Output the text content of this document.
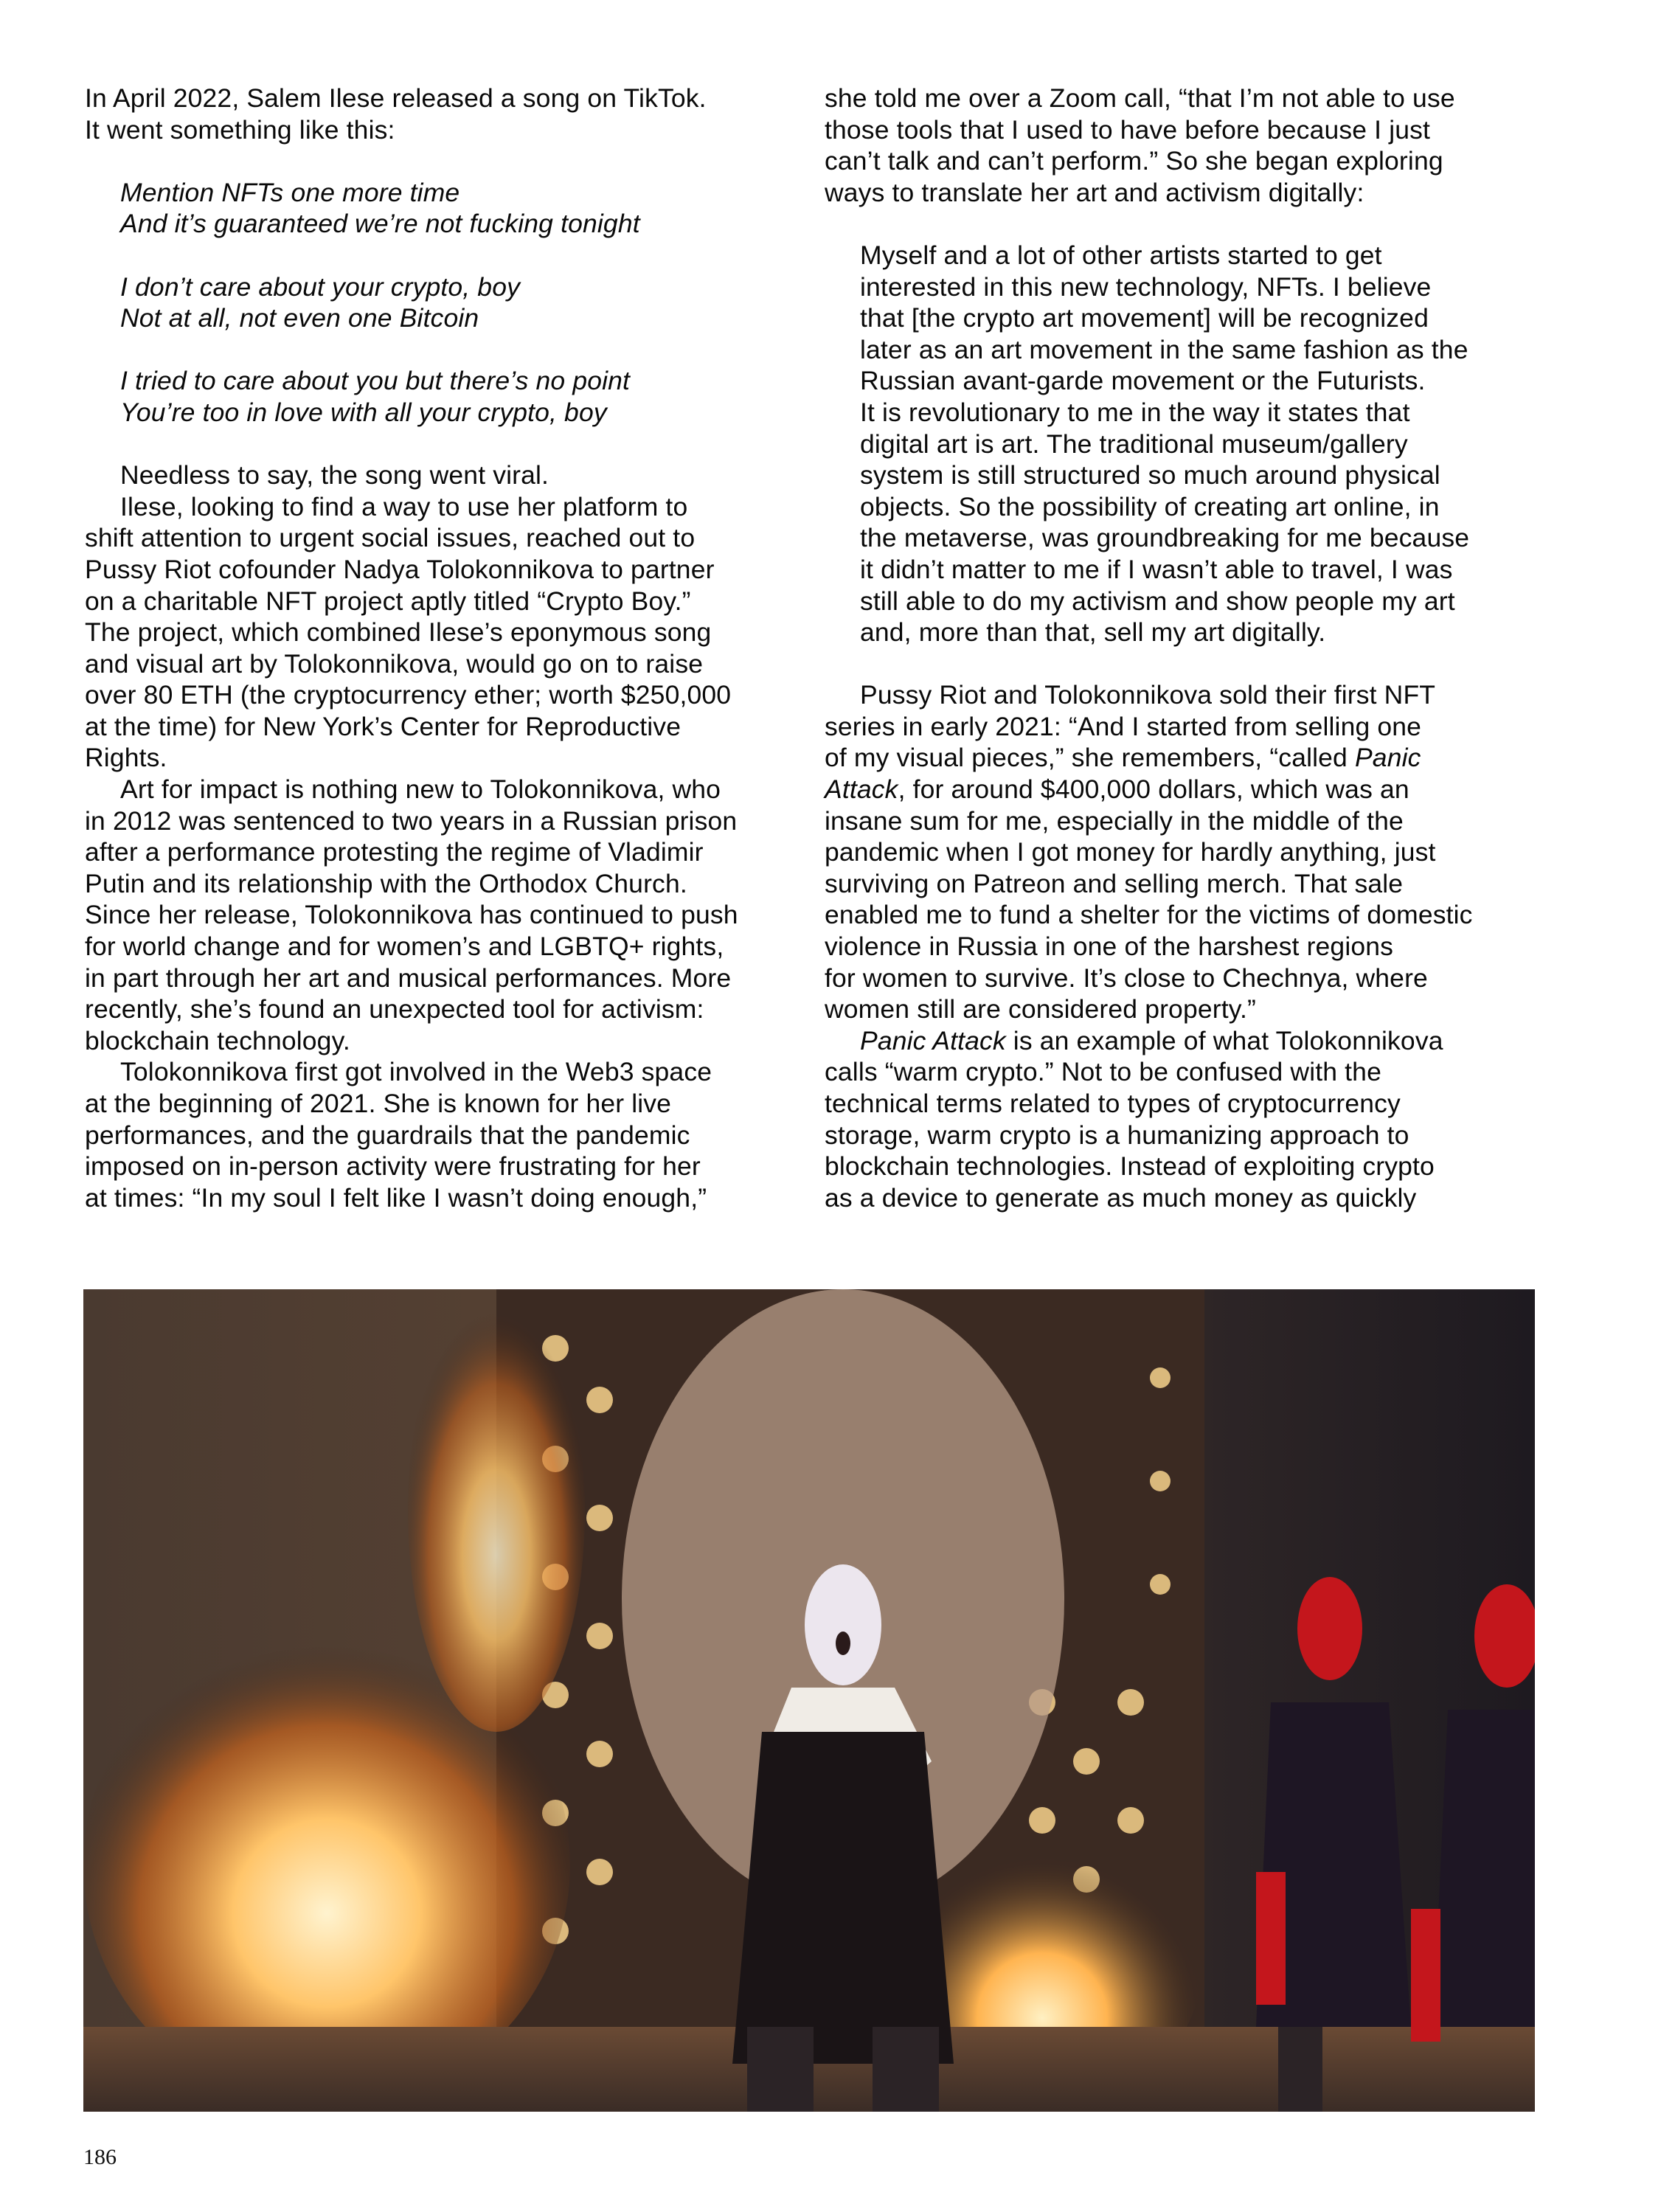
In April 2022, Salem Ilese released a song on TikTok.
It went something like this:
Mention NFTs one more time
And it’s guaranteed we’re not fucking tonight
I don’t care about your crypto, boy
Not at all, not even one Bitcoin
I tried to care about you but there’s no point
You’re too in love with all your crypto, boy
Needless to say, the song went viral.
Ilese, looking to find a way to use her platform to
shift attention to urgent social issues, reached out to
Pussy Riot cofounder Nadya Tolokonnikova to partner
on a charitable NFT project aptly titled “Crypto Boy.”
The project, which combined Ilese’s eponymous song
and visual art by Tolokonnikova, would go on to raise
over 80 ETH (the cryptocurrency ether; worth $250,000
at the time) for New York’s Center for Reproductive
Rights.
Art for impact is nothing new to Tolokonnikova, who
in 2012 was sentenced to two years in a Russian prison
after a performance protesting the regime of Vladimir
Putin and its relationship with the Orthodox Church.
Since her release, Tolokonnikova has continued to push
for world change and for women’s and LGBTQ+ rights,
in part through her art and musical performances. More
recently, she’s found an unexpected tool for activism:
blockchain technology.
Tolokonnikova first got involved in the Web3 space
at the beginning of 2021. She is known for her live
performances, and the guardrails that the pandemic
imposed on in-person activity were frustrating for her
at times: “In my soul I felt like I wasn’t doing enough,”
she told me over a Zoom call, “that I’m not able to use
those tools that I used to have before because I just
can’t talk and can’t perform.” So she began exploring
ways to translate her art and activism digitally:
Myself and a lot of other artists started to get
interested in this new technology, NFTs. I believe
that [the crypto art movement] will be recognized
later as an art movement in the same fashion as the
Russian avant-garde movement or the Futurists.
It is revolutionary to me in the way it states that
digital art is art. The traditional museum/gallery
system is still structured so much around physical
objects. So the possibility of creating art online, in
the metaverse, was groundbreaking for me because
it didn’t matter to me if I wasn’t able to travel, I was
still able to do my activism and show people my art
and, more than that, sell my art digitally.
Pussy Riot and Tolokonnikova sold their first NFT
series in early 2021: “And I started from selling one
of my visual pieces,” she remembers, “called Panic
Attack, for around $400,000 dollars, which was an
insane sum for me, especially in the middle of the
pandemic when I got money for hardly anything, just
surviving on Patreon and selling merch. That sale
enabled me to fund a shelter for the victims of domestic
violence in Russia in one of the harshest regions
for women to survive. It’s close to Chechnya, where
women still are considered property.”
Panic Attack is an example of what Tolokonnikova
calls “warm crypto.” Not to be confused with the
technical terms related to types of cryptocurrency
storage, warm crypto is a humanizing approach to
blockchain technologies. Instead of exploiting crypto
as a device to generate as much money as quickly
186
